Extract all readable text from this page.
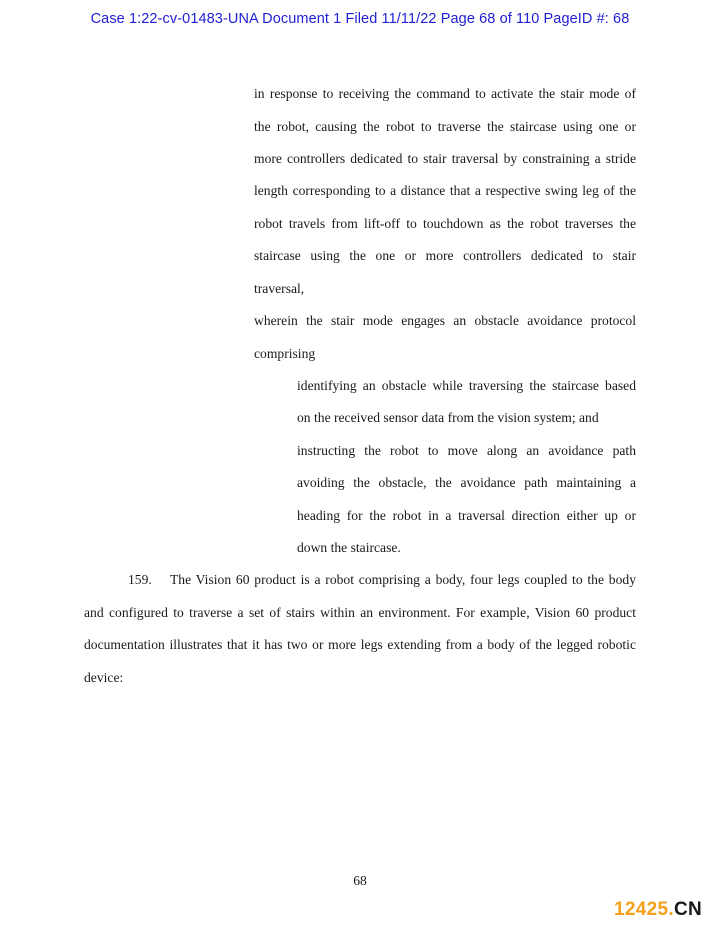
Case 1:22-cv-01483-UNA Document 1 Filed 11/11/22 Page 68 of 110 PageID #: 68
in response to receiving the command to activate the stair mode of
the robot, causing the robot to traverse the staircase using one or
more controllers dedicated to stair traversal by constraining a stride
length corresponding to a distance that a respective swing leg of the
robot travels from lift-off to touchdown as the robot traverses the
staircase using the one or more controllers dedicated to stair
traversal,
wherein the stair mode engages an obstacle avoidance protocol
comprising
identifying an obstacle while traversing the staircase based
on the received sensor data from the vision system; and
instructing the robot to move along an avoidance path
avoiding the obstacle, the avoidance path maintaining a
heading for the robot in a traversal direction either up or
down the staircase.
159. The Vision 60 product is a robot comprising a body, four legs coupled to the body
and configured to traverse a set of stairs within an environment. For example, Vision 60 product
documentation illustrates that it has two or more legs extending from a body of the legged robotic
device:
68
12425.CN
